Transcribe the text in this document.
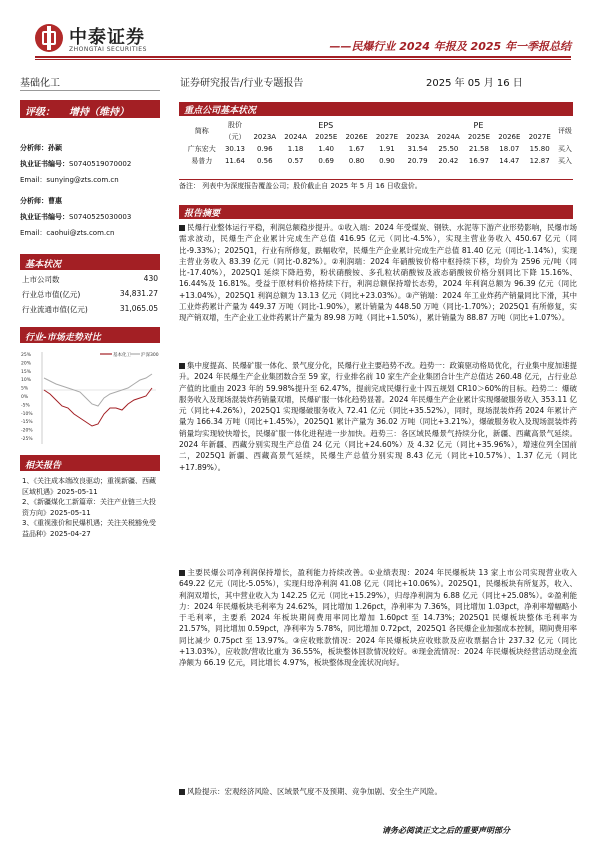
中泰证券
ZHONGTAI SECURITIES	——民爆行业 2024 年报及 2025 年一季报总结
基础化工	证券研究报告/行业专题报告	2025 年 05 月 16 日
评级： 增持（维持）
分析师：孙颖
执业证书编号：S0740519070002
Email：sunying@zts.com.cn
分析师：曹惠
执业证书编号：S0740525030003
Email：caohui@zts.com.cn
基本状况
上市公司数	430
行业总市值(亿元)	34,831.27
行业流通市值(亿元)	31,065.05
行业-市场走势对比
25%
20%
15%
10%
5%
0%
-5%
-10%
-15%
-20%
-25%
基本化工 沪深300
相关报告
1、《关注成本端改良驱动；重视新疆、西藏区域机遇》2025-05-11
2、《新疆煤化工新篇章：关注产业链三大投资方向》2025-05-11
3、《重视涨价和民爆机遇；关注关税豁免受益品种》2025-04-27
重点公司基本状况
简称	股价	EPS					PE					评级
	（元）	2023A	2024A	2025E	2026E	2027E	2023A	2024A	2025E	2026E	2027E	
广东宏大	30.13	0.96	1.18	1.40	1.67	1.91	31.54	25.50	21.58	18.07	15.80	买入
易普力	11.64	0.56	0.57	0.69	0.80	0.90	20.79	20.42	16.97	14.47	12.87	买入
备注： 列表中为深度报告覆盖公司；股价截止自 2025 年 5 月 16 日收盘价。
报告摘要
民爆行业整体运行平稳，利润总额稳步提升。①收入端：2024 年受煤炭、钢铁、水泥等下游产业形势影响，民爆市场需求波动，民爆生产企业累计完成生产总值 416.95 亿元（同比-4.5%），实现主营业务收入 450.67 亿元（同比-9.33%）；2025Q1，行业有所修复，跌幅收窄，民爆生产企业累计完成生产总值 81.40 亿元（同比-1.14%），实现主营业务收入 83.39 亿元（同比-0.82%）。②利润端：2024 年硝酸铵价格中枢持续下移，均价为 2596 元/吨（同比-17.40%），2025Q1 延续下降趋势，粉状硝酸铵、多孔粒状硝酸铵及液态硝酸铵价格分别同比下降 15.16%、16.44%及 16.81%。受益于原材料价格持续下行，利润总额保持增长态势，2024 年利润总额为 96.39 亿元（同比+13.04%），2025Q1 利润总额为 13.13 亿元（同比+23.03%）。③产销端：2024 年工业炸药产销量同比下滑，其中工业炸药累计产量为 449.37 万吨（同比-1.90%），累计销量为 448.50 万吨（同比-1.70%）；2025Q1 有所修复，实现产销双增，生产企业工业炸药累计产量为 89.98 万吨（同比+1.50%），累计销量为 88.87 万吨（同比+1.07%）。
集中度提高、民爆矿服一体化、景气度分化，民爆行业主要趋势不改。趋势一：政策驱动格局优化，行业集中度加速提升。2024 年民爆生产企业集团数合至 59 家，行业排名前 10 家生产企业集团合计生产总值达 260.48 亿元，占行业总产值的比重由 2023 年的 59.98%提升至 62.47%，提前完成民爆行业十四五规划 CR10＞60%的目标。趋势二：爆破服务收入及现场混装炸药销量双增，民爆矿服一体化趋势显著。2024 年民爆生产企业累计实现爆破服务收入 353.11 亿元（同比+4.26%），2025Q1 实现爆破服务收入 72.41 亿元（同比+35.52%），同时，现场混装炸药 2024 年累计产量为 166.34 万吨（同比+1.45%），2025Q1 累计产量为 36.02 万吨（同比+3.21%），爆破服务收入及现场混装炸药销量均实现较快增长，民爆矿服一体化进程进一步加快。趋势三：各区域民爆景气持续分化，新疆、西藏高景气延续。2024 年新疆、西藏分别实现生产总值 24 亿元（同比+24.60%）及 4.32 亿元（同比+35.96%），增速位列全国前二，2025Q1 新疆、西藏高景气延续，民爆生产总值分别实现 8.43 亿元（同比+10.57%）、1.37 亿元（同比+17.89%）。
主要民爆公司净利润保持增长，盈利能力持续改善。①业绩表现：2024 年民爆板块 13 家上市公司实现营业收入 649.22 亿元（同比-5.05%），实现归母净利润 41.08 亿元（同比+10.06%）。2025Q1，民爆板块有所复苏，收入、利润双增长，其中营业收入为 142.25 亿元（同比+15.29%），归母净利润为 6.88 亿元（同比+25.08%）。②盈利能力：2024 年民爆板块毛利率为 24.62%，同比增加 1.26pct，净利率为 7.36%，同比增加 1.03pct，净利率增幅略小于毛利率，主要系 2024 年板块期间费用率同比增加 1.60pct 至 14.73%；2025Q1 民爆板块整体毛利率为 21.57%，同比增加 0.59pct，净利率为 5.78%，同比增加 0.72pct，2025Q1 各民爆企业加强成本控制，期间费用率同比减少 0.75pct 至 13.97%。③应收账款情况：2024 年民爆板块应收账款及应收票据合计 237.32 亿元（同比+13.03%），应收款/营收比重为 36.55%，板块整体回款情况较好。④现金流情况：2024 年民爆板块经营活动现金流净额为 66.19 亿元，同比增长 4.97%，板块整体现金流状况向好。
风险提示：宏观经济风险、区域景气度不及预期、竞争加剧、安全生产风险。
请务必阅读正文之后的重要声明部分
